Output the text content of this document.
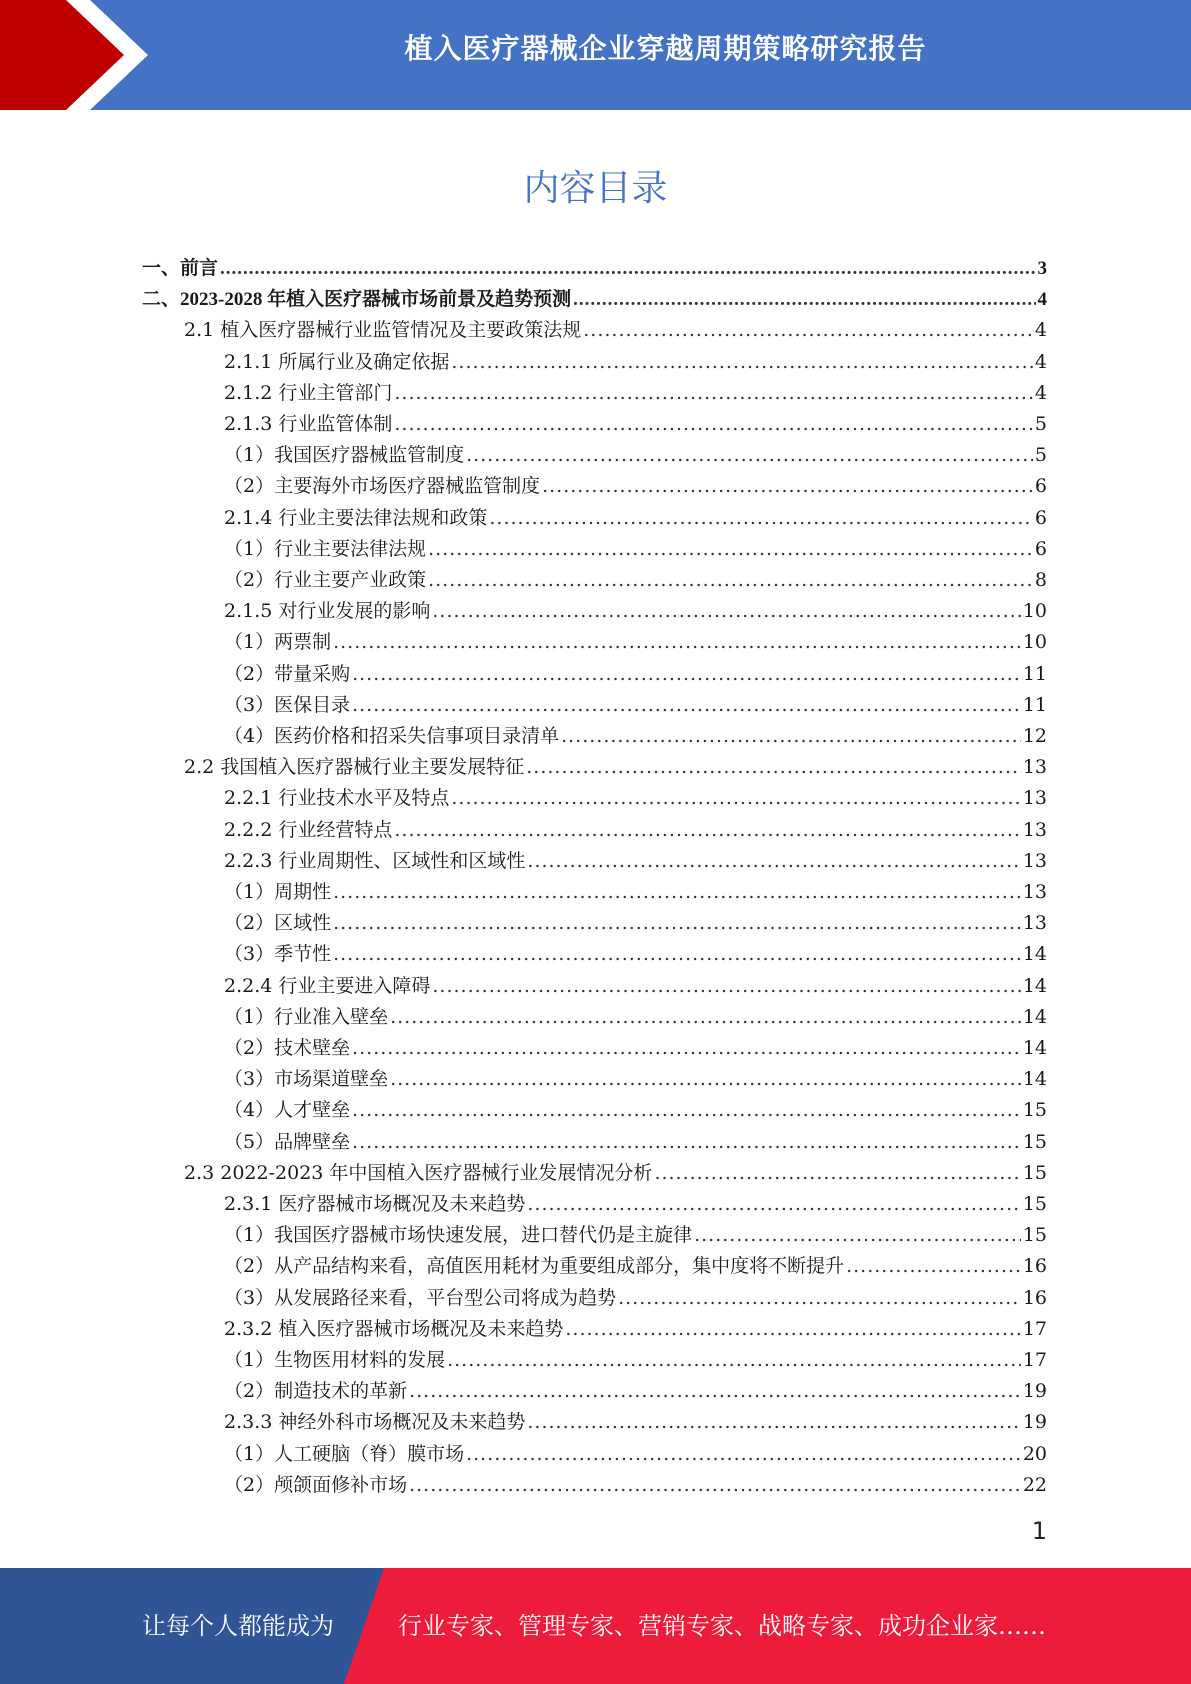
植入医疗器械企业穿越周期策略研究报告
内容目录
一、前言 .....	3
二、2023-2028 年植入医疗器械市场前景及趋势预测 .....	4
2.1 植入医疗器械行业监管情况及主要政策法规 .....	4
2.1.1 所属行业及确定依据 .....	4
2.1.2 行业主管部门 .....	4
2.1.3 行业监管体制 .....	5
（1）我国医疗器械监管制度 .....	5
（2）主要海外市场医疗器械监管制度 .....	6
2.1.4 行业主要法律法规和政策 .....	6
（1）行业主要法律法规 .....	6
（2）行业主要产业政策 .....	8
2.1.5 对行业发展的影响 .....	10
（1）两票制 .....	10
（2）带量采购 .....	11
（3）医保目录 .....	11
（4）医药价格和招采失信事项目录清单 .....	12
2.2 我国植入医疗器械行业主要发展特征 .....	13
2.2.1 行业技术水平及特点 .....	13
2.2.2 行业经营特点 .....	13
2.2.3 行业周期性、区域性和区域性 .....	13
（1）周期性 .....	13
（2）区域性 .....	13
（3）季节性 .....	14
2.2.4 行业主要进入障碍 .....	14
（1）行业准入壁垒 .....	14
（2）技术壁垒 .....	14
（3）市场渠道壁垒 .....	14
（4）人才壁垒 .....	15
（5）品牌壁垒 .....	15
2.3 2022-2023 年中国植入医疗器械行业发展情况分析 .....	15
2.3.1 医疗器械市场概况及未来趋势 .....	15
（1）我国医疗器械市场快速发展，进口替代仍是主旋律 .....	15
（2）从产品结构来看，高值医用耗材为重要组成部分，集中度将不断提升 .....	16
（3）从发展路径来看，平台型公司将成为趋势 .....	16
2.3.2 植入医疗器械市场概况及未来趋势 .....	17
（1）生物医用材料的发展 .....	17
（2）制造技术的革新 .....	19
2.3.3 神经外科市场概况及未来趋势 .....	19
（1）人工硬脑（脊）膜市场 .....	20
（2）颅颌面修补市场 .....	22
1
让每个人都能成为	行业专家、管理专家、营销专家、战略专家、成功企业家……
